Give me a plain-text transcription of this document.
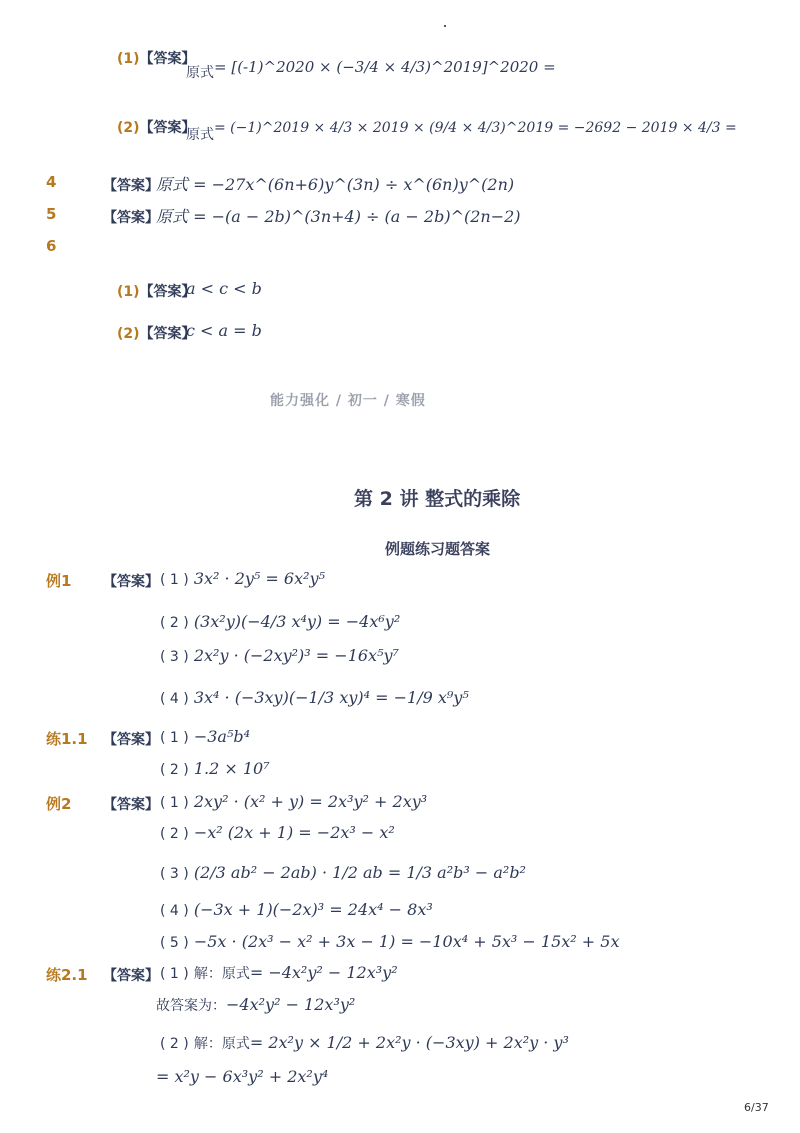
(1)【答案】
原式 = [(-1)^2020 × (−3/4 × 4/3)^2019]^2020 =
(2)【答案】
原式 = (−1)^2019 × 4/3 × 2019 × (9/4 × 4/3)^2019 = −2692 − 2019 × 4/3 =
4	【答案】
原式 = −27x^(6n+6)y^(3n) ÷ x^(6n)y^(2n)
5	【答案】
原式 = −(a − 2b)^(3n+4) ÷ (a − 2b)^(2n−2)
6
(1)【答案】
a < c < b
(2)【答案】
c < a = b
能力强化 / 初一 / 寒假
第 2 讲 整式的乘除
例题练习题答案
例1 【答案】 ( 1 ) 3x² · 2y⁵ = 6x²y⁵
( 2 ) (3x²y)(−4/3 x⁴y) = −4x⁶y²
( 3 ) 2x²y · (−2xy²)³ = −16x⁵y⁷
( 4 ) 3x⁴ · (−3xy)(−1/3 xy)⁴ = −1/9 x⁹y⁵
练1.1 【答案】 ( 1 ) −3a⁵b⁴
( 2 ) 1.2 × 10⁷
例2 【答案】 ( 1 ) 2xy² · (x² + y) = 2x³y² + 2xy³
( 2 ) −x² (2x + 1) = −2x³ − x²
( 3 ) (2/3 ab² − 2ab) · 1/2 ab = 1/3 a²b³ − a²b²
( 4 ) (−3x + 1)(−2x)³ = 24x⁴ − 8x³
( 5 ) −5x · (2x³ − x² + 3x − 1) = −10x⁴ + 5x³ − 15x² + 5x
练2.1 【答案】 ( 1 ) 解：原式= −4x²y² − 12x³y²
故答案为：−4x²y² − 12x³y²
( 2 ) 解：原式= 2x²y × 1/2 + 2x²y · (−3xy) + 2x²y · y³
= x²y − 6x³y² + 2x²y⁴
6/37
